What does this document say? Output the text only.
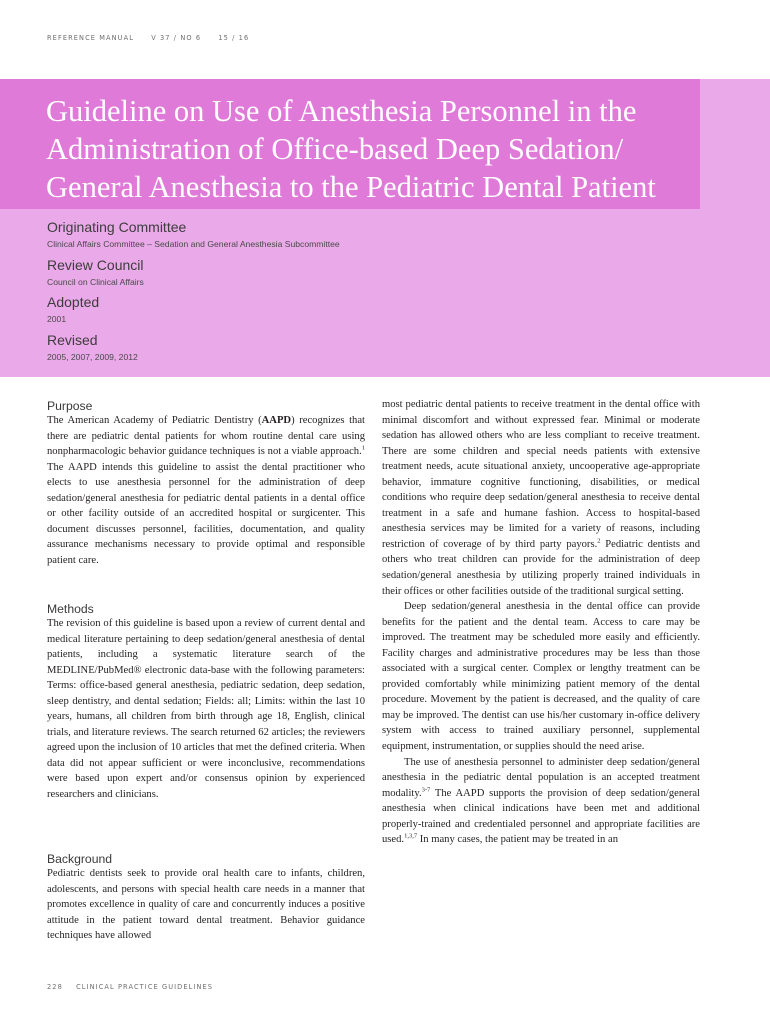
REFERENCE MANUAL	V 37 / NO 6	15 / 16
Guideline on Use of Anesthesia Personnel in the
Administration of Office-based Deep Sedation/
General Anesthesia to the Pediatric Dental Patient
Originating Committee
Clinical Affairs Committee – Sedation and General Anesthesia Subcommittee
Review Council
Council on Clinical Affairs
Adopted
2001
Revised
2005, 2007, 2009, 2012
Purpose

The American Academy of Pediatric Dentistry (AAPD) recognizes that there are pediatric dental patients for whom routine dental care using nonpharmacologic behavior guidance techniques is not a viable approach.$^1$ The AAPD intends this guideline to assist the dental practitioner who elects to use anesthesia personnel for the administration of deep sedation/general anesthesia for pediatric dental patients in a dental office or other facility outside of an accredited hospital or surgicenter. This document discusses personnel, facilities, documentation, and quality assurance mechanisms necessary to provide optimal and responsible patient care.

Methods

The revision of this guideline is based upon a review of current dental and medical literature pertaining to deep sedation/general anesthesia of dental patients, including a systematic literature search of the MEDLINE/PubMed® electronic data-base with the following parameters: Terms: office-based general anesthesia, pediatric sedation, deep sedation, sleep dentistry, and dental sedation; Fields: all; Limits: within the last 10 years, humans, all children from birth through age 18, English, clinical trials, and literature reviews. The search returned 62 articles; the reviewers agreed upon the inclusion of 10 articles that met the defined criteria. When data did not appear sufficient or were inconclusive, recommendations were based upon expert and/or consensus opinion by experienced researchers and clinicians.

Background

Pediatric dentists seek to provide oral health care to infants, children, adolescents, and persons with special health care needs in a manner that promotes excellence in quality of care and concurrently induces a positive attitude in the patient toward dental treatment. Behavior guidance techniques have allowed

most pediatric dental patients to receive treatment in the dental office with minimal discomfort and without expressed fear. Minimal or moderate sedation has allowed others who are less compliant to receive treatment. There are some children and special needs patients with extensive treatment needs, acute situational anxiety, uncooperative age-appropriate behavior, immature cognitive functioning, disabilities, or medical conditions who require deep sedation/general anesthesia to receive dental treatment in a safe and humane fashion. Access to hospital-based anesthesia services may be limited for a variety of reasons, including restriction of coverage of by third party payors.$^2$ Pediatric dentists and others who treat children can provide for the administration of deep sedation/general anesthesia by utilizing properly trained individuals in their offices or other facilities outside of the traditional surgical setting.

Deep sedation/general anesthesia in the dental office can provide benefits for the patient and the dental team. Access to care may be improved. The treatment may be scheduled more easily and efficiently. Facility charges and administrative procedures may be less than those associated with a surgical center. Complex or lengthy treatment can be provided comfortably while minimizing patient memory of the dental procedure. Movement by the patient is decreased, and the quality of care may be improved. The dentist can use his/her customary in-office delivery system with access to trained auxiliary personnel, supplemental equipment, instrumentation, or supplies should the need arise.

The use of anesthesia personnel to administer deep sedation/general anesthesia in the pediatric dental population is an accepted treatment modality.$^{3-7}$ The AAPD supports the provision of deep sedation/general anesthesia when clinical indications have been met and additional properly-trained and credentialed personnel and appropriate facilities are used.$^{1,3,7}$ In many cases, the patient may be treated in an

228 CLINICAL PRACTICE GUIDELINES
